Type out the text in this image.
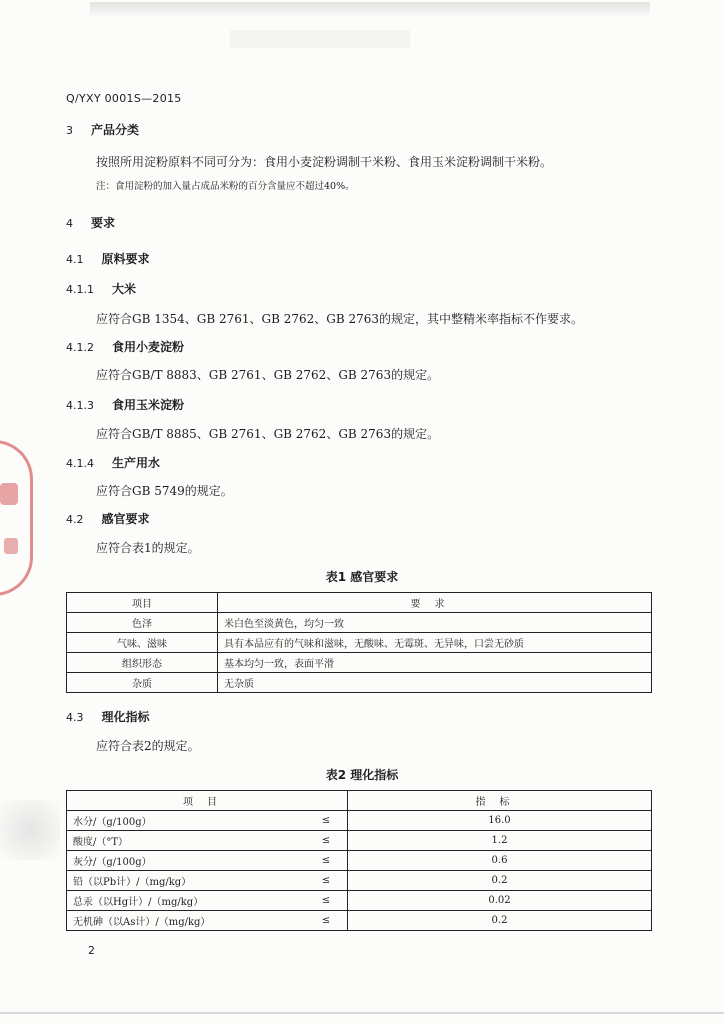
Q/YXY 0001S—2015
3 产品分类
按照所用淀粉原料不同可分为：食用小麦淀粉调制干米粉、食用玉米淀粉调制干米粉。
注：食用淀粉的加入量占成品米粉的百分含量应不超过40%。
4 要求
4.1 原料要求
4.1.1 大米
应符合GB 1354、GB 2761、GB 2762、GB 2763的规定，其中整精米率指标不作要求。
4.1.2 食用小麦淀粉
应符合GB/T 8883、GB 2761、GB 2762、GB 2763的规定。
4.1.3 食用玉米淀粉
应符合GB/T 8885、GB 2761、GB 2762、GB 2763的规定。
4.1.4 生产用水
应符合GB 5749的规定。
4.2 感官要求
应符合表1的规定。
表1 感官要求
项目	要求
色泽	米白色至淡黄色，均匀一致
气味、滋味	具有本品应有的气味和滋味，无酸味、无霉斑、无异味，口尝无砂质
组织形态	基本均匀一致，表面平滑
杂质	无杂质
4.3 理化指标
应符合表2的规定。
表2 理化指标
项目		指标
水分/（g/100g）	≤	16.0
酸度/（°T）	≤	1.2
灰分/（g/100g）	≤	0.6
铅（以Pb计）/（mg/kg）	≤	0.2
总汞（以Hg计）/（mg/kg）	≤	0.02
无机砷（以As计）/（mg/kg）	≤	0.2
2
